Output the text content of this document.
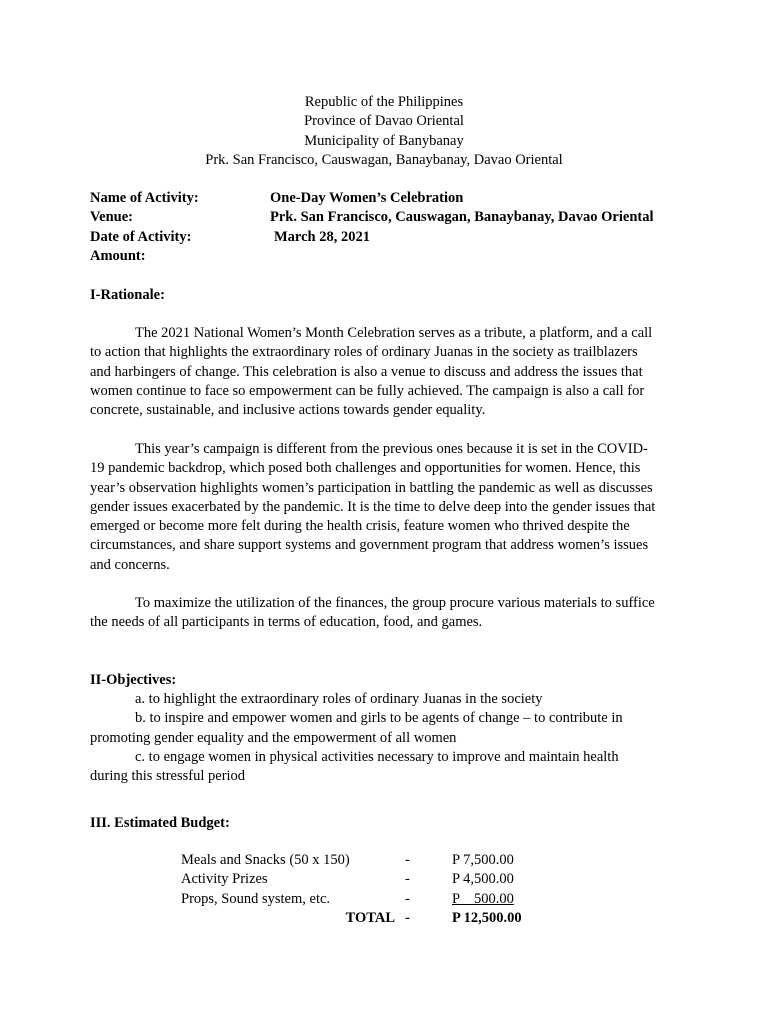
Republic of the Philippines
Province of Davao Oriental
Municipality of Banybanay
Prk. San Francisco, Causwagan, Banaybanay, Davao Oriental
Name of Activity:	One-Day Women’s Celebration
Venue:	Prk. San Francisco, Causwagan, Banaybanay, Davao Oriental
Date of Activity:	March 28, 2021
Amount:
I-Rationale:
The 2021 National Women’s Month Celebration serves as a tribute, a platform, and a call
to action that highlights the extraordinary roles of ordinary Juanas in the society as trailblazers
and harbingers of change. This celebration is also a venue to discuss and address the issues that
women continue to face so empowerment can be fully achieved. The campaign is also a call for
concrete, sustainable, and inclusive actions towards gender equality.
This year’s campaign is different from the previous ones because it is set in the COVID-
19 pandemic backdrop, which posed both challenges and opportunities for women. Hence, this
year’s observation highlights women’s participation in battling the pandemic as well as discusses
gender issues exacerbated by the pandemic. It is the time to delve deep into the gender issues that
emerged or become more felt during the health crisis, feature women who thrived despite the
circumstances, and share support systems and government program that address women’s issues
and concerns.
To maximize the utilization of the finances, the group procure various materials to suffice
the needs of all participants in terms of education, food, and games.
II-Objectives:
a. to highlight the extraordinary roles of ordinary Juanas in the society
b. to inspire and empower women and girls to be agents of change – to contribute in
promoting gender equality and the empowerment of all women
c. to engage women in physical activities necessary to improve and maintain health
during this stressful period
III. Estimated Budget:
Meals and Snacks (50 x 150)	-	P 7,500.00
Activity Prizes	-	P 4,500.00
Props, Sound system, etc.	-	P    500.00
TOTAL -	P 12,500.00
